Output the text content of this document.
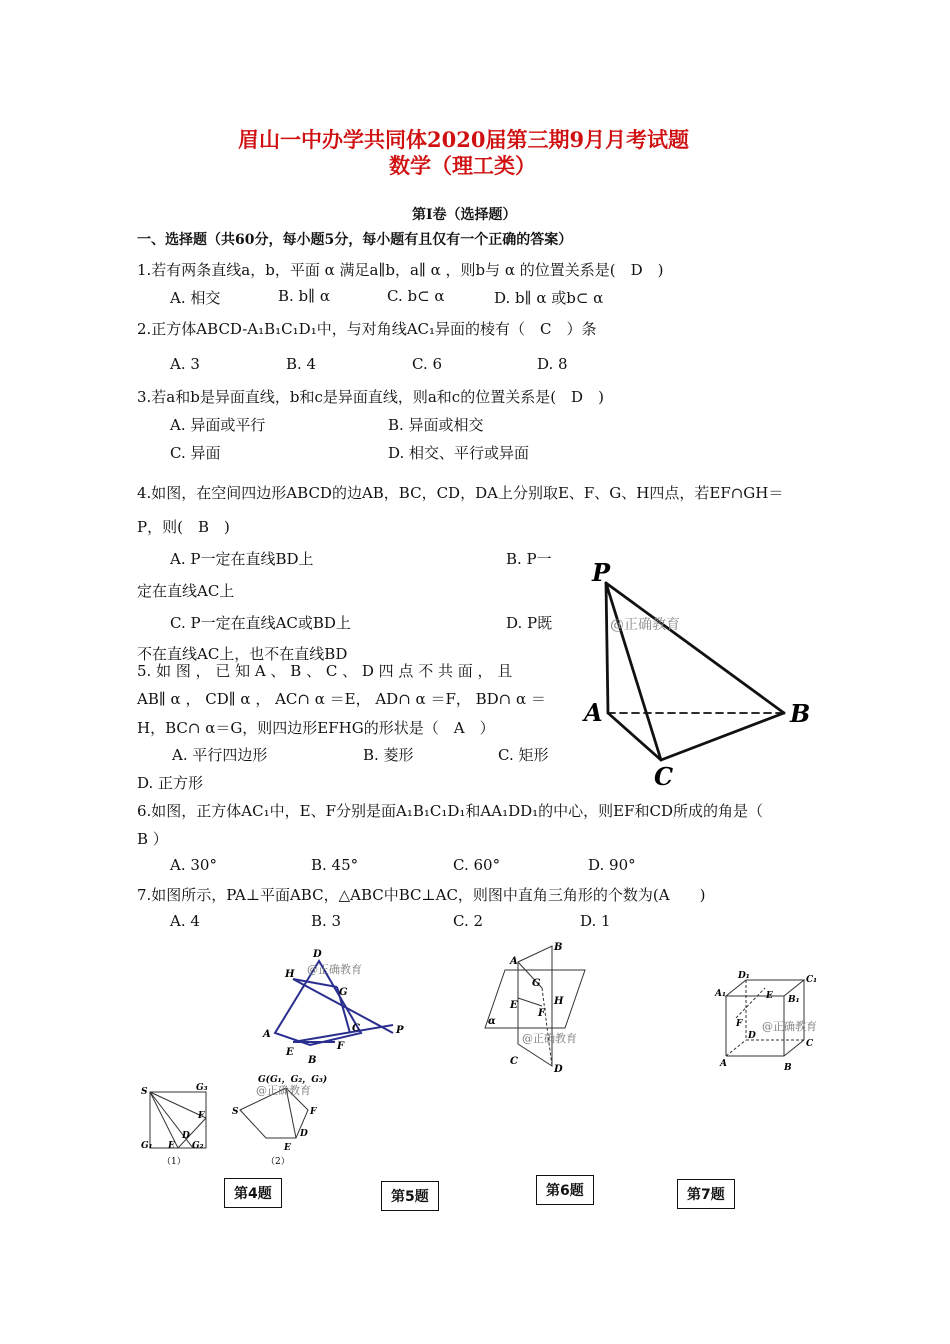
眉山一中办学共同体2020届第三期9月月考试题
数学（理工类）
第Ⅰ卷（选择题）
一、选择题（共60分，每小题5分，每小题有且仅有一个正确的答案）
1.若有两条直线a，b，平面 α 满足a∥b，a∥ α ，则b与 α 的位置关系是(　D　)
A. 相交	B. b∥ α	C. b⊂ α	D. b∥ α 或b⊂ α
2.正方体ABCD-A₁B₁C₁D₁中，与对角线AC₁异面的棱有（　C　）条
A. 3	B. 4	C. 6	D. 8
3.若a和b是异面直线，b和c是异面直线，则a和c的位置关系是(　D　)
A. 异面或平行	B. 异面或相交
C. 异面	D. 相交、平行或异面
4.如图，在空间四边形ABCD的边AB，BC，CD，DA上分别取E、F、G、H四点，若EF∩GH＝
P，则(　B　)
A. P一定在直线BD上	B. P一
定在直线AC上
C. P一定在直线AC或BD上	D. P既
不在直线AC上，也不在直线BD
5. 如 图 ， 已 知 A 、 B 、 C 、 D 四 点 不 共 面 ， 且
AB∥ α ， CD∥ α ， AC∩ α ＝E， AD∩ α ＝F， BD∩ α ＝
H，BC∩ α＝G，则四边形EFHG的形状是（　A　）
A. 平行四边形	B. 菱形	C. 矩形
D. 正方形
6.如图，正方体AC₁中，E、F分别是面A₁B₁C₁D₁和AA₁DD₁的中心，则EF和CD所成的角是（
B ）
A. 30°	B. 45°	C. 60°	D. 90°
7.如图所示，PA⊥平面ABC，△ABC中BC⊥AC，则图中直角三角形的个数为(A　　)
A. 4	B. 3	C. 2	D. 1
P
A	B
C
@正确教育
D
H
G
A
C	P
E
F
B
@正确教育
A
B
G
H
E
F
α
C
D
@正确教育
D₁	C₁
A₁	E B₁
F
D
C
A	B
@正确教育
S	G₃
F
G₁ E
D
G₂
G(G₁，G₂，G₃)
S	F
E
D
（1）	（2）
@正确教育
第4题	第5题	第6题	第7题
